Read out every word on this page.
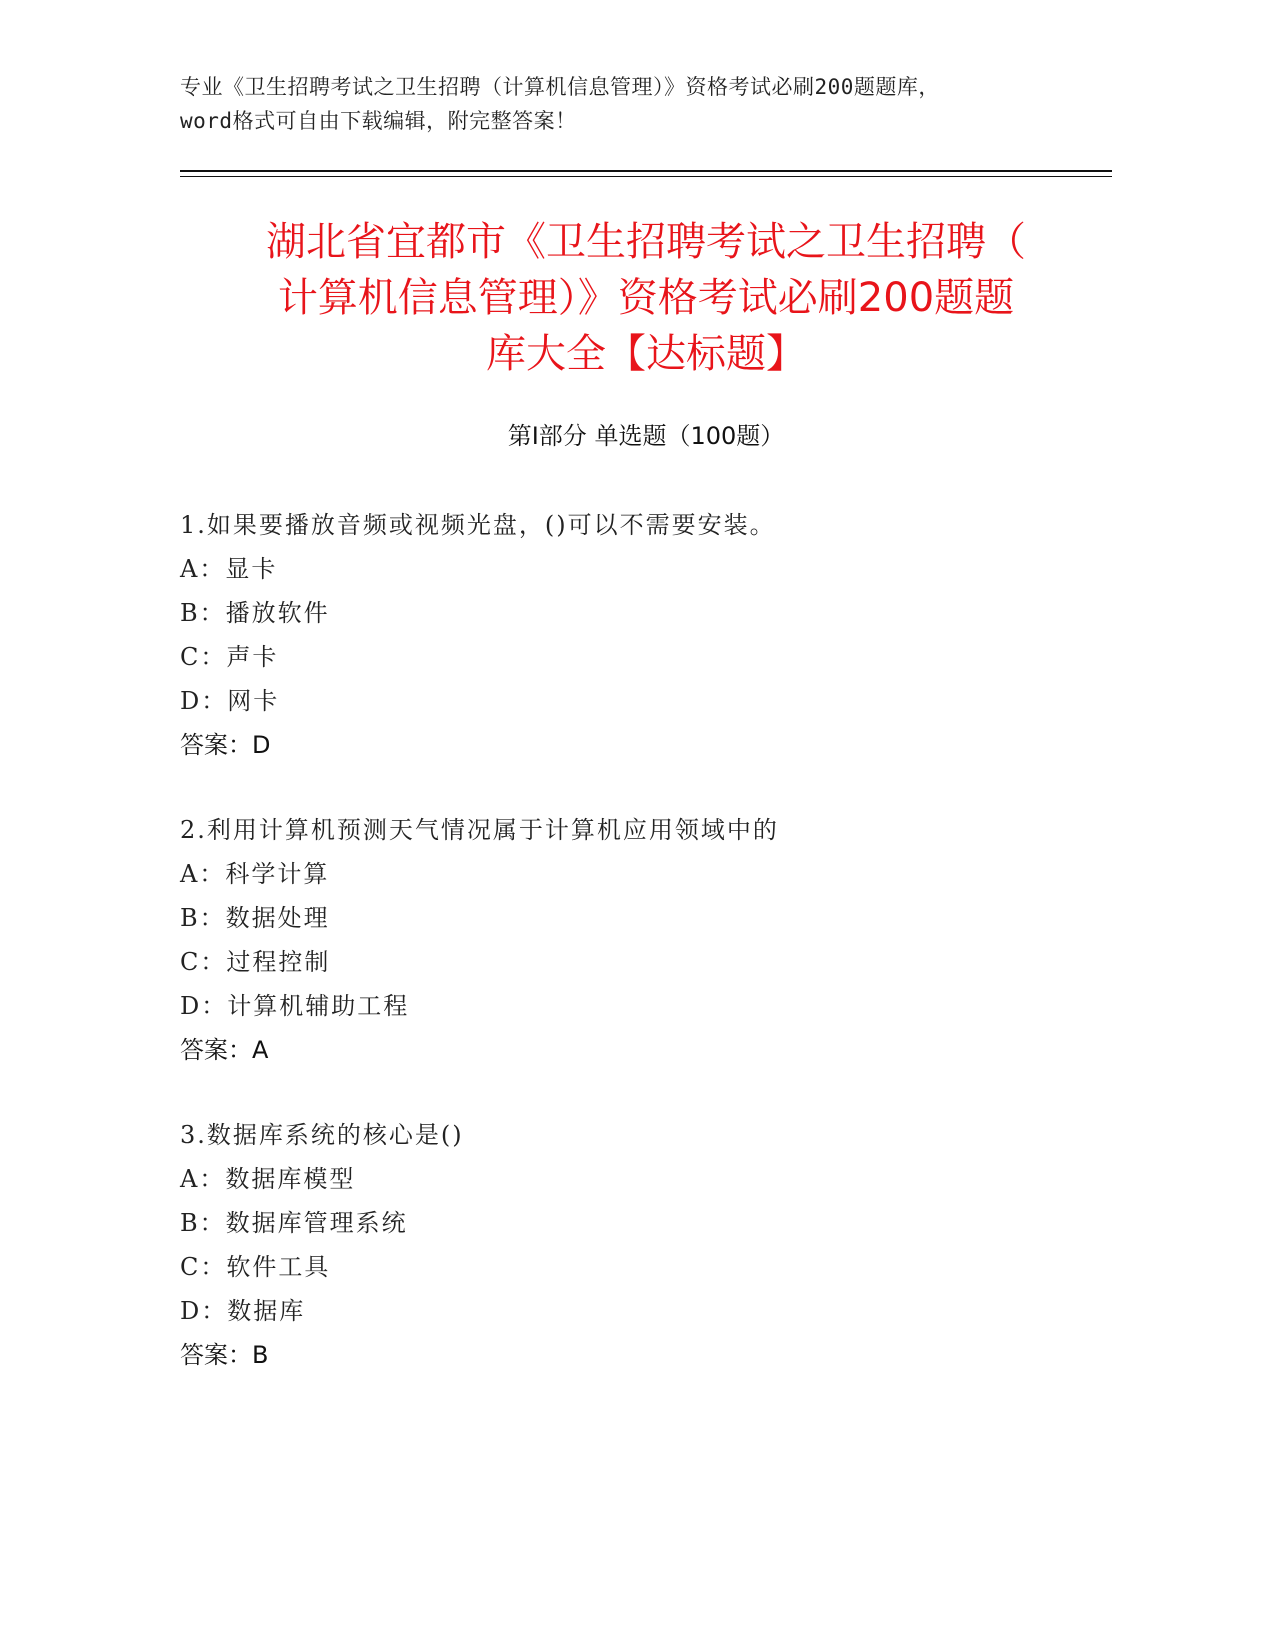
专业《卫生招聘考试之卫生招聘（计算机信息管理）》资格考试必刷200题题库，
word格式可自由下载编辑，附完整答案！
湖北省宜都市《卫生招聘考试之卫生招聘（
计算机信息管理）》资格考试必刷200题题
库大全【达标题】
第Ⅰ部分 单选题（100题）
1.如果要播放音频或视频光盘，()可以不需要安装。
A：显卡
B：播放软件
C：声卡
D：网卡
答案：D
2.利用计算机预测天气情况属于计算机应用领域中的
A：科学计算
B：数据处理
C：过程控制
D：计算机辅助工程
答案：A
3.数据库系统的核心是()
A：数据库模型
B：数据库管理系统
C：软件工具
D：数据库
答案：B
